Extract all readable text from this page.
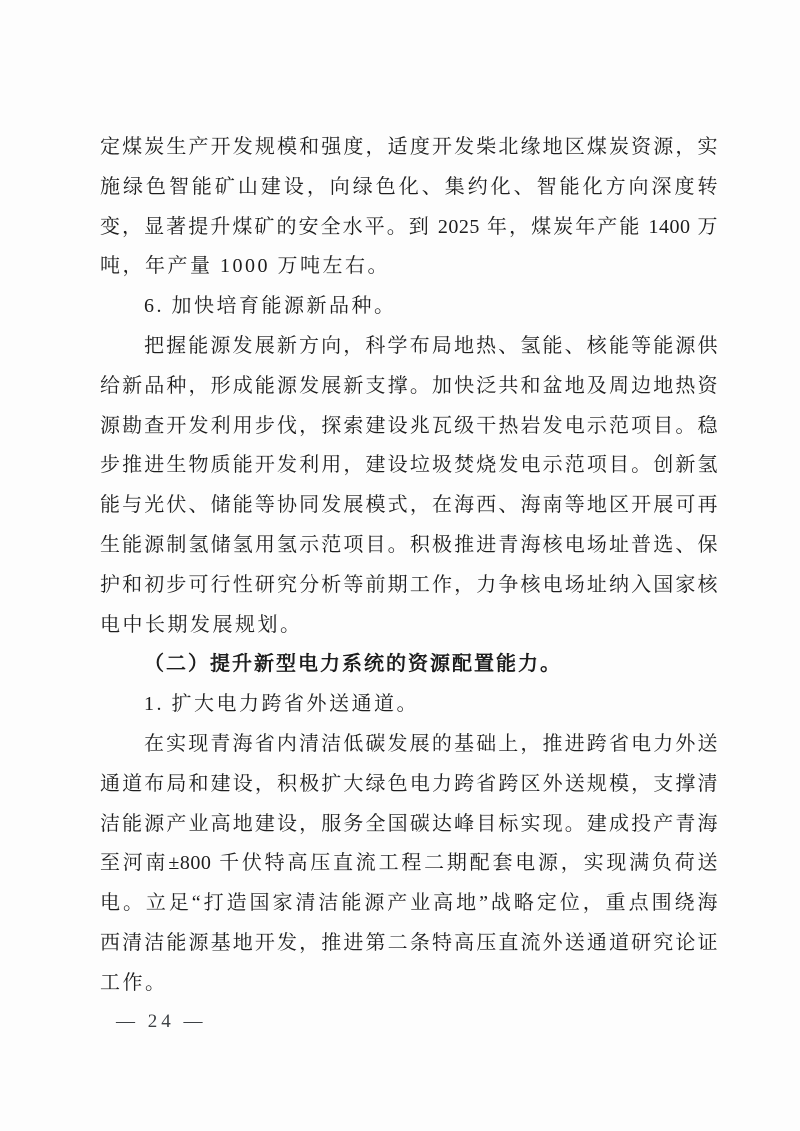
定煤炭生产开发规模和强度，适度开发柴北缘地区煤炭资源，实
施绿色智能矿山建设，向绿色化、集约化、智能化方向深度转
变，显著提升煤矿的安全水平。到 2025 年，煤炭年产能 1400 万
吨，年产量 1000 万吨左右。
6. 加快培育能源新品种。
把握能源发展新方向，科学布局地热、氢能、核能等能源供
给新品种，形成能源发展新支撑。加快泛共和盆地及周边地热资
源勘查开发利用步伐，探索建设兆瓦级干热岩发电示范项目。稳
步推进生物质能开发利用，建设垃圾焚烧发电示范项目。创新氢
能与光伏、储能等协同发展模式，在海西、海南等地区开展可再
生能源制氢储氢用氢示范项目。积极推进青海核电场址普选、保
护和初步可行性研究分析等前期工作，力争核电场址纳入国家核
电中长期发展规划。
（二）提升新型电力系统的资源配置能力。
1. 扩大电力跨省外送通道。
在实现青海省内清洁低碳发展的基础上，推进跨省电力外送
通道布局和建设，积极扩大绿色电力跨省跨区外送规模，支撑清
洁能源产业高地建设，服务全国碳达峰目标实现。建成投产青海
至河南±800 千伏特高压直流工程二期配套电源，实现满负荷送
电。立足“打造国家清洁能源产业高地”战略定位，重点围绕海
西清洁能源基地开发，推进第二条特高压直流外送通道研究论证
工作。
— 24 —
